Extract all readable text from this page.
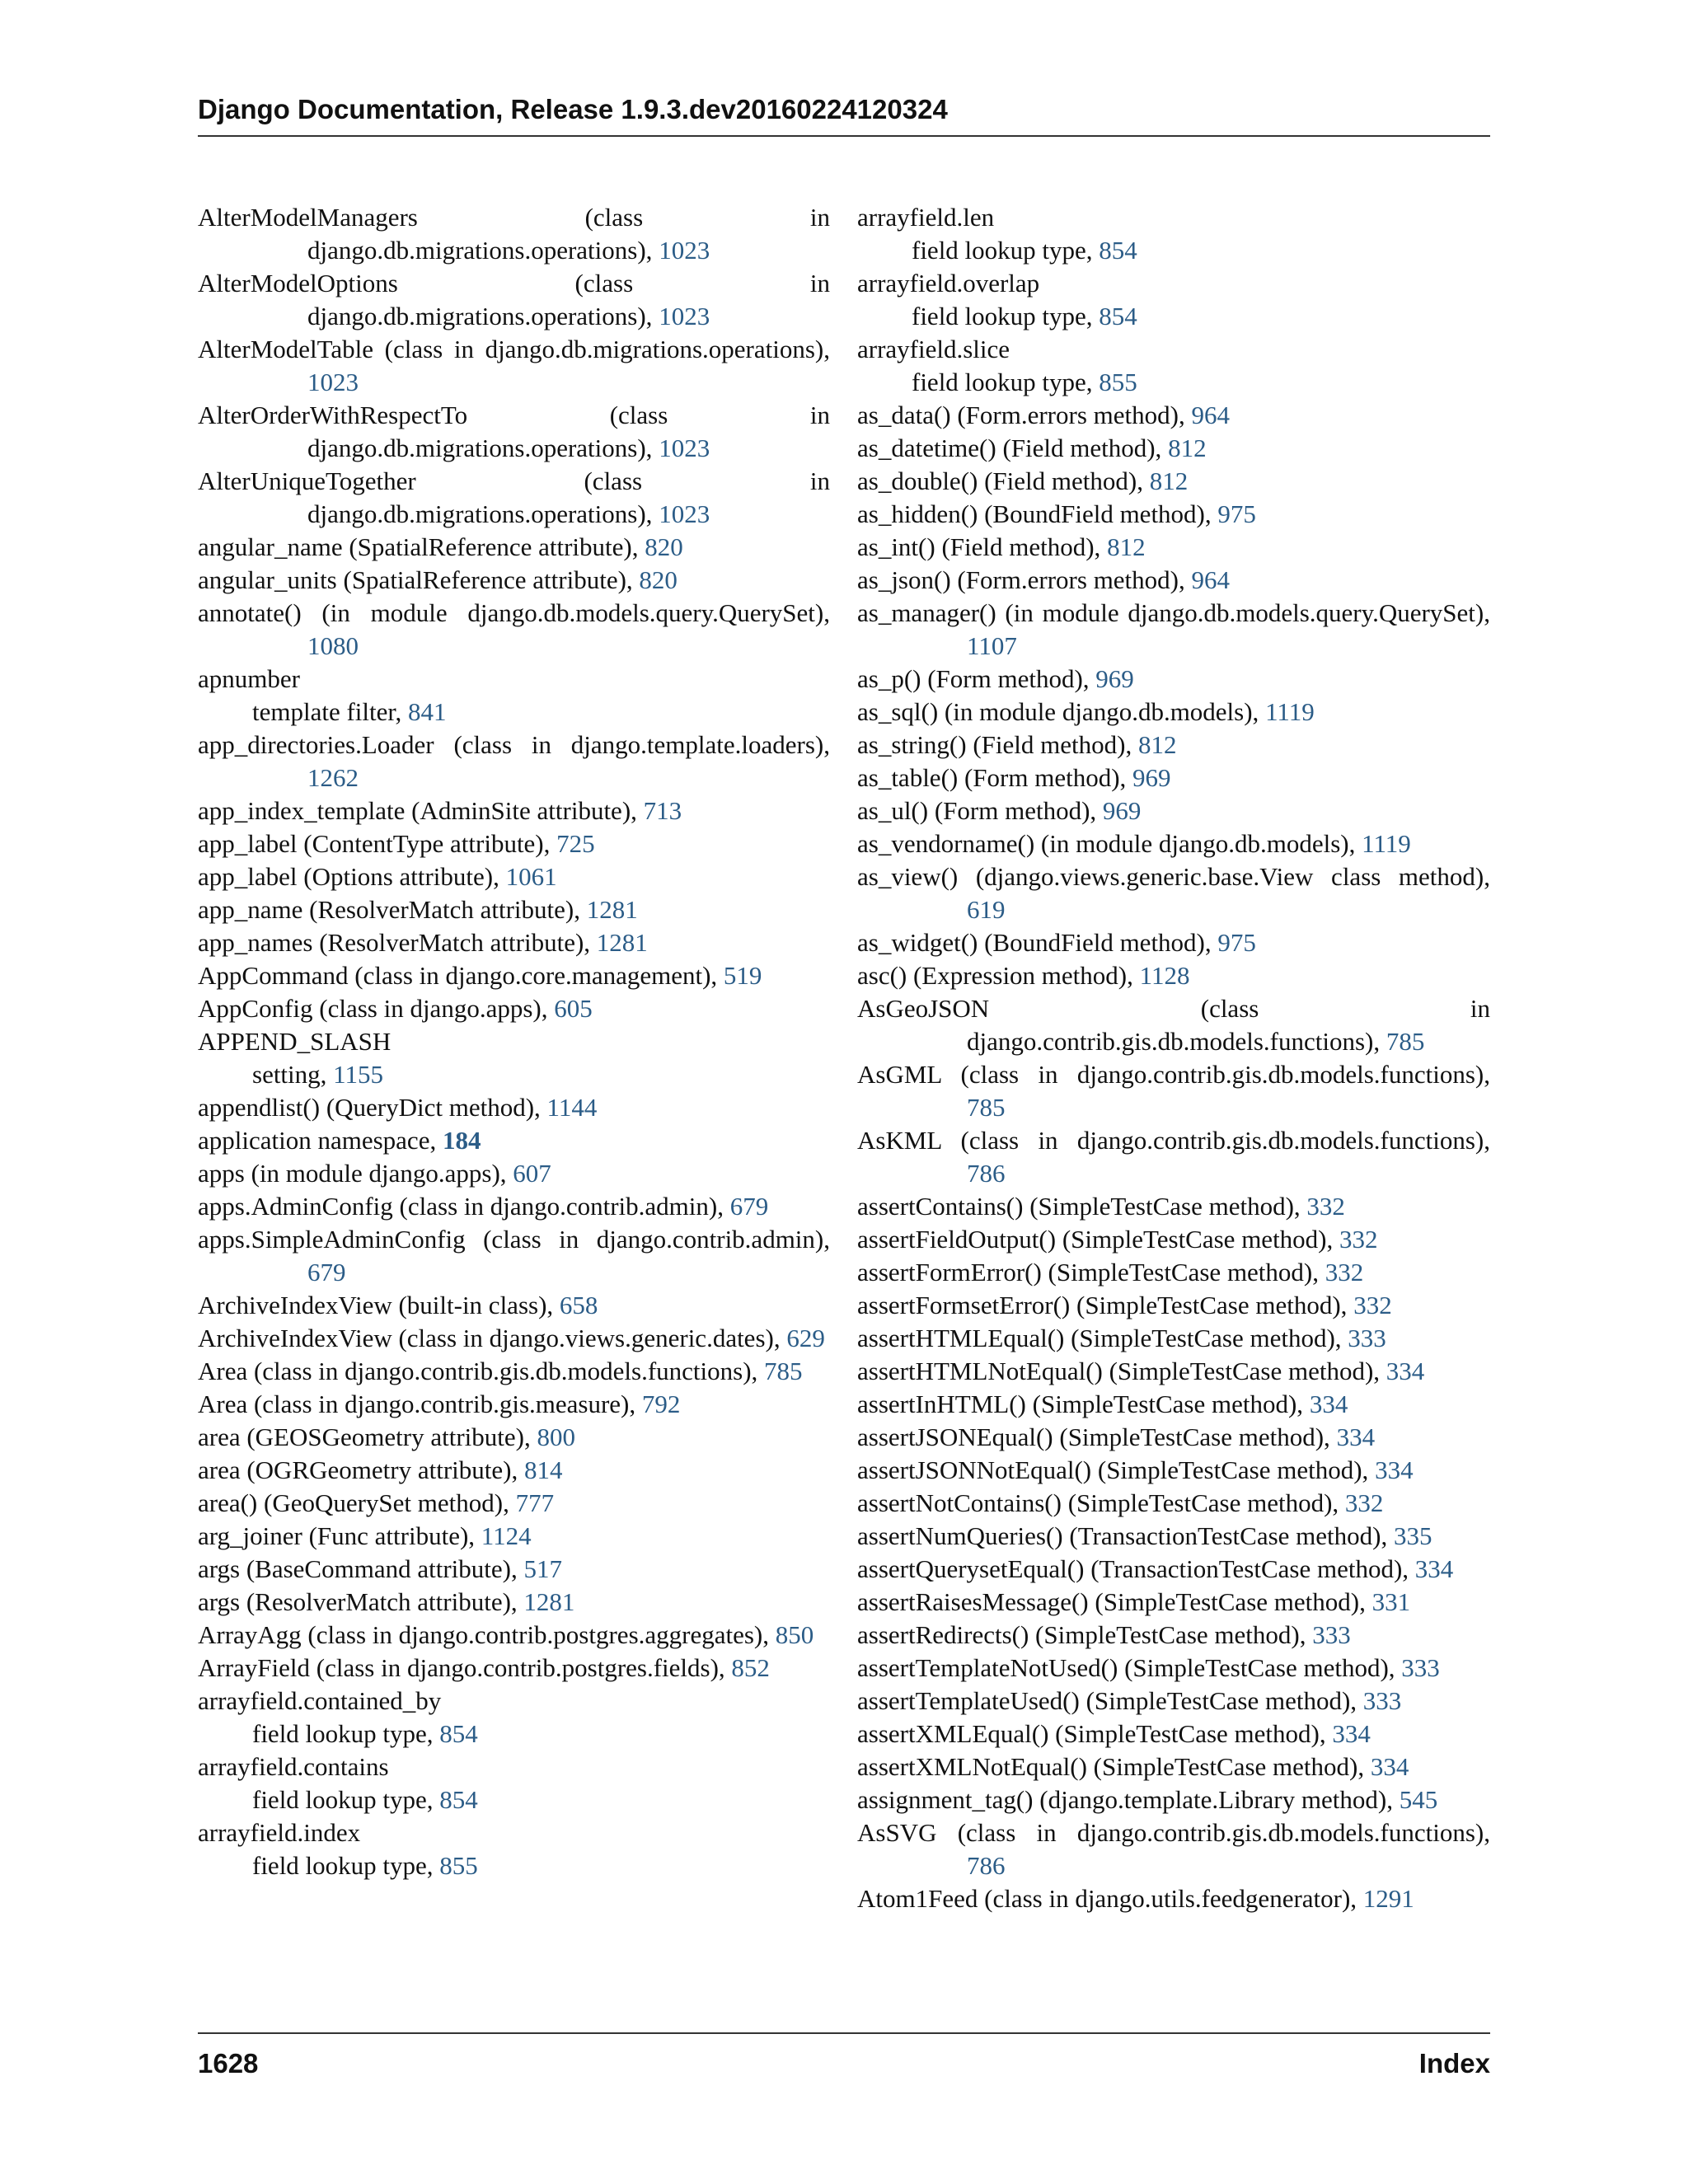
Django Documentation, Release 1.9.3.dev20160224120324
AlterModelManagers (class in django.db.migrations.operations), 1023
AlterModelOptions (class in django.db.migrations.operations), 1023
AlterModelTable (class in django.db.migrations.operations), 1023
AlterOrderWithRespectTo (class in django.db.migrations.operations), 1023
AlterUniqueTogether (class in django.db.migrations.operations), 1023
angular_name (SpatialReference attribute), 820
angular_units (SpatialReference attribute), 820
annotate() (in module django.db.models.query.QuerySet), 1080
apnumber
template filter, 841
app_directories.Loader (class in django.template.loaders), 1262
app_index_template (AdminSite attribute), 713
app_label (ContentType attribute), 725
app_label (Options attribute), 1061
app_name (ResolverMatch attribute), 1281
app_names (ResolverMatch attribute), 1281
AppCommand (class in django.core.management), 519
AppConfig (class in django.apps), 605
APPEND_SLASH
setting, 1155
appendlist() (QueryDict method), 1144
application namespace, 184
apps (in module django.apps), 607
apps.AdminConfig (class in django.contrib.admin), 679
apps.SimpleAdminConfig (class in django.contrib.admin), 679
ArchiveIndexView (built-in class), 658
ArchiveIndexView (class in django.views.generic.dates), 629
Area (class in django.contrib.gis.db.models.functions), 785
Area (class in django.contrib.gis.measure), 792
area (GEOSGeometry attribute), 800
area (OGRGeometry attribute), 814
area() (GeoQuerySet method), 777
arg_joiner (Func attribute), 1124
args (BaseCommand attribute), 517
args (ResolverMatch attribute), 1281
ArrayAgg (class in django.contrib.postgres.aggregates), 850
ArrayField (class in django.contrib.postgres.fields), 852
arrayfield.contained_by
field lookup type, 854
arrayfield.contains
field lookup type, 854
arrayfield.index
field lookup type, 855
arrayfield.len
field lookup type, 854
arrayfield.overlap
field lookup type, 854
arrayfield.slice
field lookup type, 855
as_data() (Form.errors method), 964
as_datetime() (Field method), 812
as_double() (Field method), 812
as_hidden() (BoundField method), 975
as_int() (Field method), 812
as_json() (Form.errors method), 964
as_manager() (in module django.db.models.query.QuerySet), 1107
as_p() (Form method), 969
as_sql() (in module django.db.models), 1119
as_string() (Field method), 812
as_table() (Form method), 969
as_ul() (Form method), 969
as_vendorname() (in module django.db.models), 1119
as_view() (django.views.generic.base.View class method), 619
as_widget() (BoundField method), 975
asc() (Expression method), 1128
AsGeoJSON (class in django.contrib.gis.db.models.functions), 785
AsGML (class in django.contrib.gis.db.models.functions), 785
AsKML (class in django.contrib.gis.db.models.functions), 786
assertContains() (SimpleTestCase method), 332
assertFieldOutput() (SimpleTestCase method), 332
assertFormError() (SimpleTestCase method), 332
assertFormsetError() (SimpleTestCase method), 332
assertHTMLEqual() (SimpleTestCase method), 333
assertHTMLNotEqual() (SimpleTestCase method), 334
assertInHTML() (SimpleTestCase method), 334
assertJSONEqual() (SimpleTestCase method), 334
assertJSONNotEqual() (SimpleTestCase method), 334
assertNotContains() (SimpleTestCase method), 332
assertNumQueries() (TransactionTestCase method), 335
assertQuerysetEqual() (TransactionTestCase method), 334
assertRaisesMessage() (SimpleTestCase method), 331
assertRedirects() (SimpleTestCase method), 333
assertTemplateNotUsed() (SimpleTestCase method), 333
assertTemplateUsed() (SimpleTestCase method), 333
assertXMLEqual() (SimpleTestCase method), 334
assertXMLNotEqual() (SimpleTestCase method), 334
assignment_tag() (django.template.Library method), 545
AsSVG (class in django.contrib.gis.db.models.functions), 786
Atom1Feed (class in django.utils.feedgenerator), 1291
1628	Index
